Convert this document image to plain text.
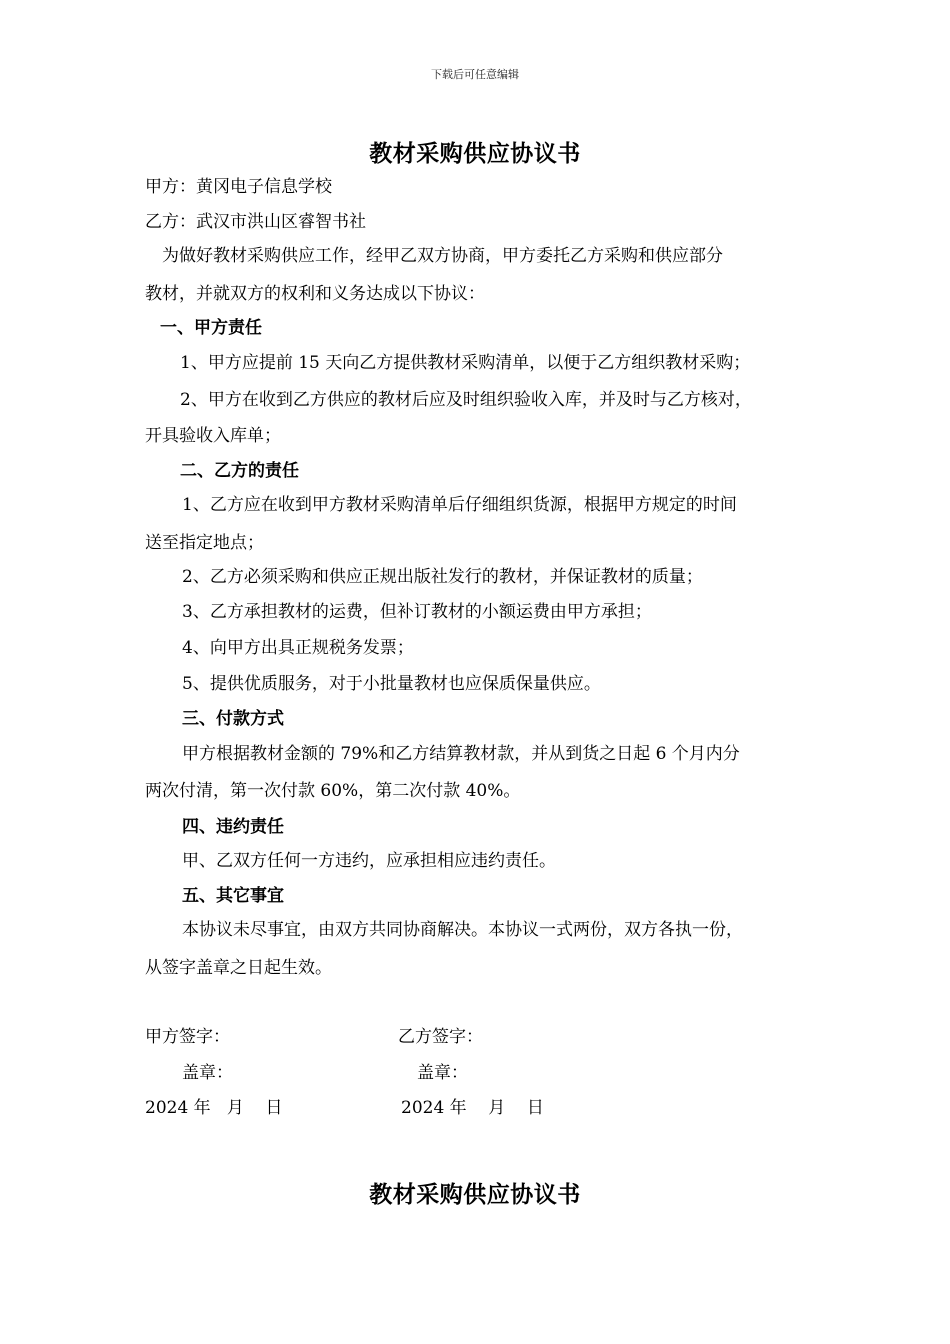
下载后可任意编辑
教材采购供应协议书
甲方：黄冈电子信息学校
乙方：武汉市洪山区睿智书社
为做好教材采购供应工作，经甲乙双方协商，甲方委托乙方采购和供应部分
教材，并就双方的权利和义务达成以下协议：
一、甲方责任
1、甲方应提前 15 天向乙方提供教材采购清单，以便于乙方组织教材采购；
2、甲方在收到乙方供应的教材后应及时组织验收入库，并及时与乙方核对，
开具验收入库单；
二、乙方的责任
1、乙方应在收到甲方教材采购清单后仔细组织货源，根据甲方规定的时间
送至指定地点；
2、乙方必须采购和供应正规出版社发行的教材，并保证教材的质量；
3、乙方承担教材的运费，但补订教材的小额运费由甲方承担；
4、向甲方出具正规税务发票；
5、提供优质服务，对于小批量教材也应保质保量供应。
三、付款方式
甲方根据教材金额的 79%和乙方结算教材款，并从到货之日起 6 个月内分
两次付清，第一次付款 60%，第二次付款 40%。
四、违约责任
甲、乙双方任何一方违约，应承担相应违约责任。
五、其它事宜
本协议未尽事宜，由双方共同协商解决。本协议一式两份，双方各执一份，
从签字盖章之日起生效。
甲方签字：	乙方签字：
盖章：	盖章：
2024 年   月    日	2024 年    月    日
教材采购供应协议书
